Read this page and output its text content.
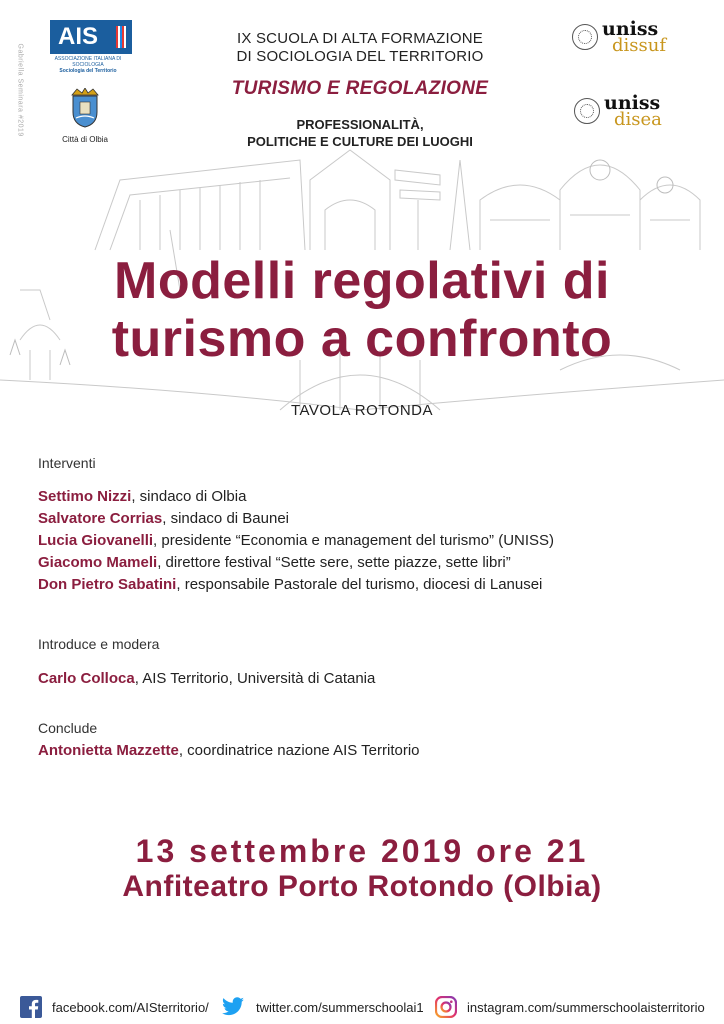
Gabriella Seminara #2019
AIS
ASSOCIAZIONE ITALIANA DI SOCIOLOGIA
Sociologia del Territorio
Città di Olbia
uniss
dissuf
uniss
disea
IX SCUOLA DI ALTA FORMAZIONE
DI SOCIOLOGIA DEL TERRITORIO
TURISMO E REGOLAZIONE
PROFESSIONALITÀ,
POLITICHE E CULTURE DEI LUOGHI
Modelli regolativi di
turismo a confronto
TAVOLA ROTONDA
Interventi
Settimo Nizzi, sindaco di Olbia
Salvatore Corrias, sindaco di Baunei
Lucia Giovanelli, presidente “Economia e management del turismo” (UNISS)
Giacomo Mameli, direttore festival “Sette sere, sette piazze, sette libri”
Don Pietro Sabatini, responsabile Pastorale del turismo, diocesi di Lanusei
Introduce e modera
Carlo Colloca, AIS Territorio, Università di Catania
Conclude
Antonietta Mazzette, coordinatrice nazione AIS Territorio
13 settembre 2019 ore 21
Anfiteatro Porto Rotondo (Olbia)
facebook.com/AISterritorio/	twitter.com/summerschoolai1	instagram.com/summerschoolaisterritorio
